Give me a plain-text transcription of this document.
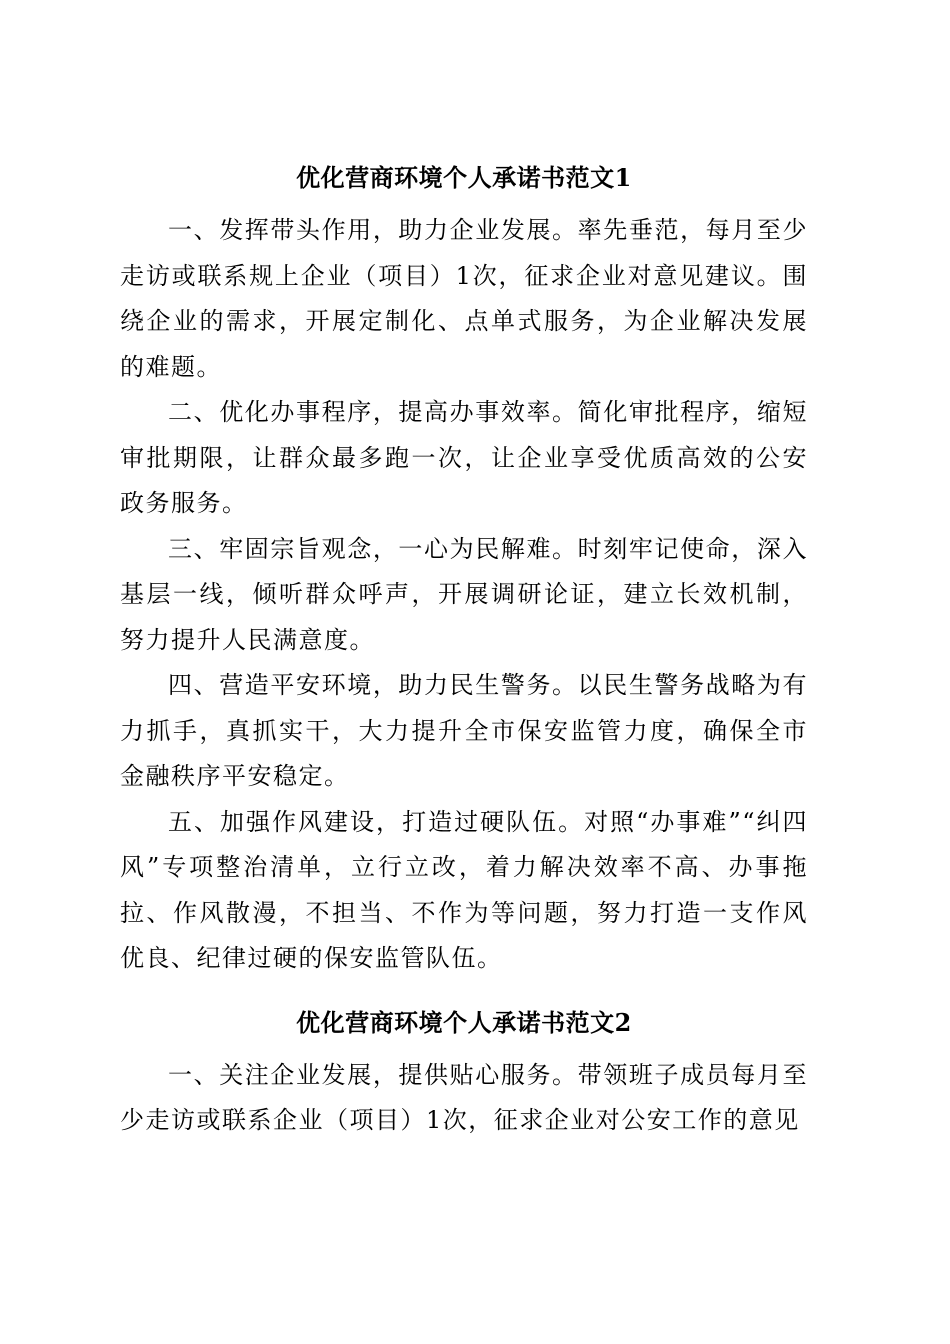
优化营商环境个人承诺书范文1

一、发挥带头作用，助力企业发展。率先垂范，每月至少走访或联系规上企业（项目）1次，征求企业对意见建议。围绕企业的需求，开展定制化、点单式服务，为企业解决发展的难题。

二、优化办事程序，提高办事效率。简化审批程序，缩短审批期限，让群众最多跑一次，让企业享受优质高效的公安政务服务。

三、牢固宗旨观念，一心为民解难。时刻牢记使命，深入基层一线，倾听群众呼声，开展调研论证，建立长效机制，努力提升人民满意度。

四、营造平安环境，助力民生警务。以民生警务战略为有力抓手，真抓实干，大力提升全市保安监管力度，确保全市金融秩序平安稳定。

五、加强作风建设，打造过硬队伍。对照“办事难”“纠四风”专项整治清单，立行立改，着力解决效率不高、办事拖拉、作风散漫，不担当、不作为等问题，努力打造一支作风优良、纪律过硬的保安监管队伍。

优化营商环境个人承诺书范文2

一、关注企业发展，提供贴心服务。带领班子成员每月至少走访或联系企业（项目）1次，征求企业对公安工作的意见
